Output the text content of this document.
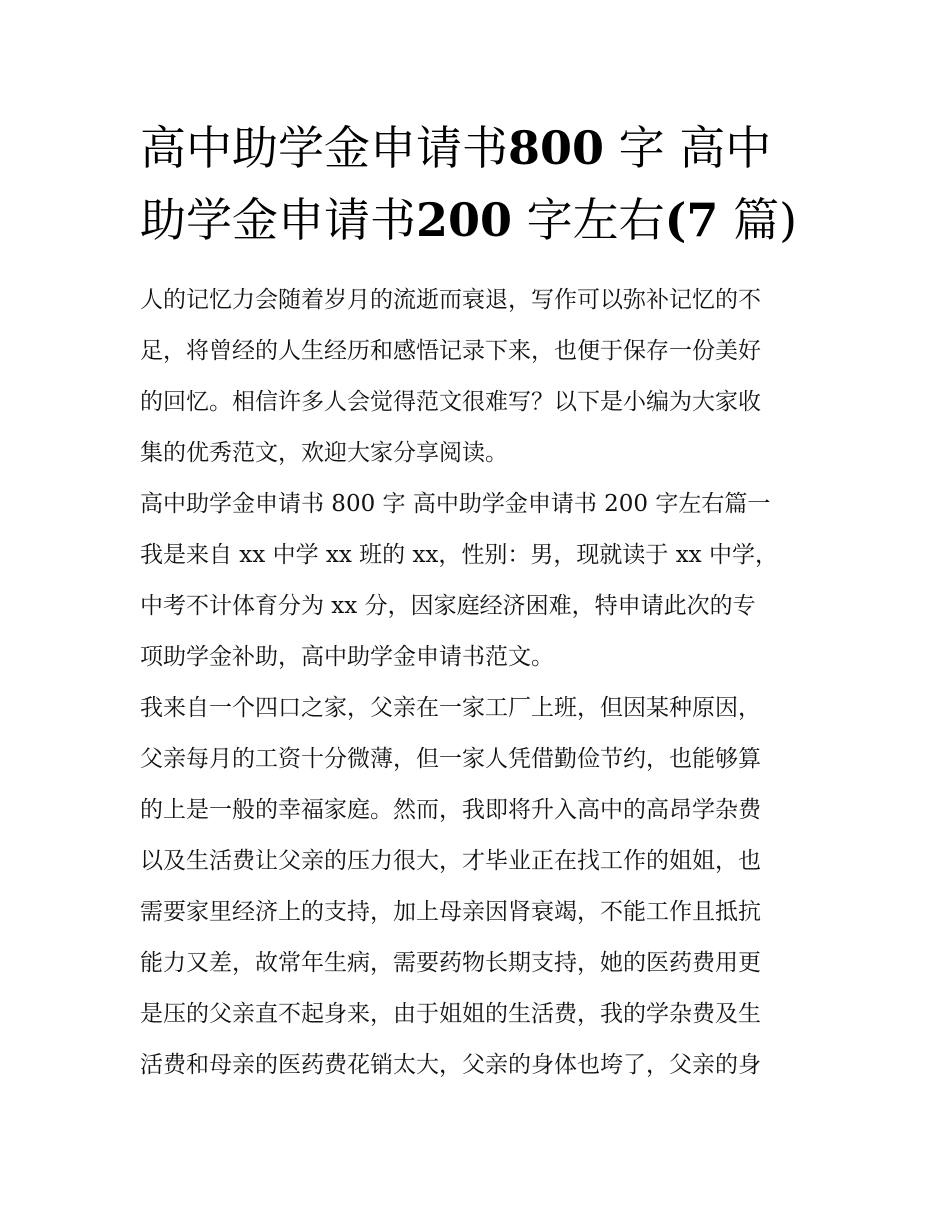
高中助学金申请书800 字 高中
助学金申请书200 字左右(7 篇)
人的记忆力会随着岁月的流逝而衰退，写作可以弥补记忆的不
足，将曾经的人生经历和感悟记录下来，也便于保存一份美好
的回忆。相信许多人会觉得范文很难写？以下是小编为大家收
集的优秀范文，欢迎大家分享阅读。
高中助学金申请书 800 字 高中助学金申请书 200 字左右篇一
我是来自 xx 中学 xx 班的 xx，性别：男，现就读于 xx 中学，
中考不计体育分为 xx 分，因家庭经济困难，特申请此次的专
项助学金补助，高中助学金申请书范文。
我来自一个四口之家，父亲在一家工厂上班，但因某种原因，
父亲每月的工资十分微薄，但一家人凭借勤俭节约，也能够算
的上是一般的幸福家庭。然而，我即将升入高中的高昂学杂费
以及生活费让父亲的压力很大，才毕业正在找工作的姐姐，也
需要家里经济上的支持，加上母亲因肾衰竭，不能工作且抵抗
能力又差，故常年生病，需要药物长期支持，她的医药费用更
是压的父亲直不起身来，由于姐姐的生活费，我的学杂费及生
活费和母亲的医药费花销太大，父亲的身体也垮了，父亲的身
